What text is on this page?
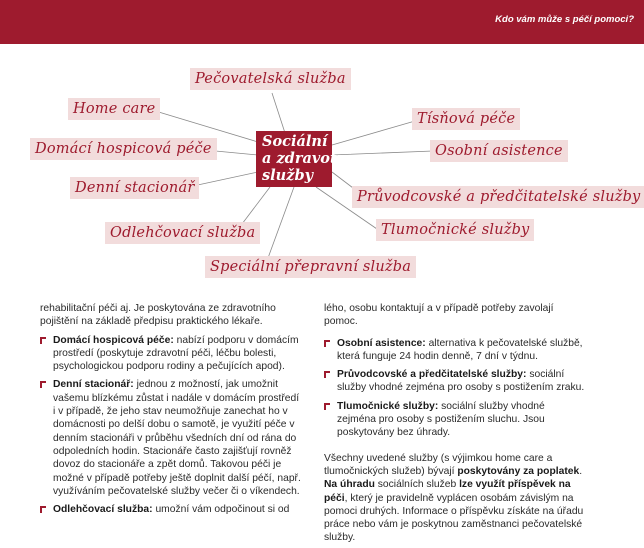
Kdo vám může s péčí pomoci?
Sociální
a zdravotní
služby
Pečovatelská služba
Home care
Domácí hospicová péče
Denní stacionář
Odlehčovací služba
Speciální přepravní služba
Tísňová péče
Osobní asistence
Průvodcovské a předčitatelské služby
Tlumočnické služby

rehabilitační péči aj. Je poskytována ze zdravotního pojištění na základě předpisu praktického lékaře.

Domácí hospicová péče: nabízí podporu v domácím prostředí (poskytuje zdravotní péči, léčbu bolesti, psychologickou podporu rodiny a pečujících apod).

Denní stacionář: jednou z možností, jak umožnit vašemu blízkému zůstat i nadále v domácím prostředí i v případě, že jeho stav neumožňuje zanechat ho v domácnosti po delší dobu o samotě, je využití péče v denním stacionáři v průběhu všedních dní od rána do odpoledních hodin. Stacionáře často zajišťují rovněž dovoz do stacionáře a zpět domů. Takovou péči je možné v případě potřeby ještě doplnit další péčí, např. využíváním pečovatelské služby večer či o víkendech.

Odlehčovací služba: umožní vám odpočinout si od

lého, osobu kontaktují a v případě potřeby zavolají pomoc.

Osobní asistence: alternativa k pečovatelské službě, která funguje 24 hodin denně, 7 dní v týdnu.

Průvodcovské a předčitatelské služby: sociální služby vhodné zejména pro osoby s postižením zraku.

Tlumočnické služby: sociální služby vhodné zejména pro osoby s postižením sluchu. Jsou poskytovány bez úhrady.

Všechny uvedené služby (s výjimkou home care a tlumočnických služeb) bývají poskytovány za poplatek. Na úhradu sociálních služeb lze využít příspěvek na péči, který je pravidelně vyplácen osobám závislým na pomoci druhých. Informace o příspěvku získáte na úřadu práce nebo vám je poskytnou zaměstnanci pečovatelské služby.
